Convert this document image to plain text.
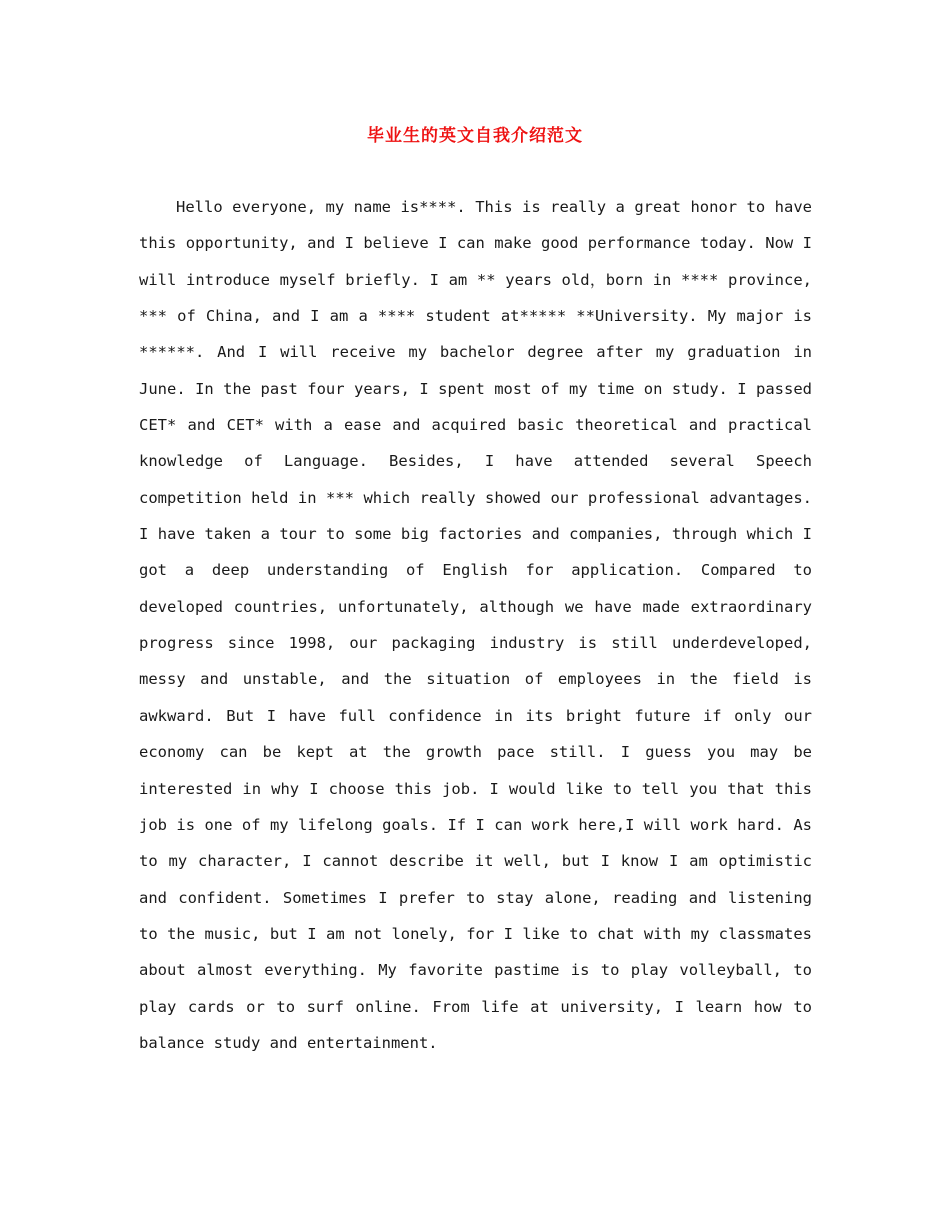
毕业生的英文自我介绍范文
Hello everyone, my name is****. This is really a great honor to have
this opportunity, and I believe I can make good performance today. Now I
will introduce myself briefly. I am ** years old，born in **** province,
*** of China, and I am a **** student at***** **University. My major is
******. And I will receive my bachelor degree after my graduation in
June. In the past four years, I spent most of my time on study. I passed
CET* and CET* with a ease and acquired basic theoretical and practical
knowledge of Language. Besides, I have attended several Speech
competition held in *** which really showed our professional advantages.
I have taken a tour to some big factories and companies, through which I
got a deep understanding of English for application. Compared to
developed countries, unfortunately, although we have made extraordinary
progress since 1998, our packaging industry is still underdeveloped,
messy and unstable, and the situation of employees in the field is
awkward. But I have full confidence in its bright future if only our
economy can be kept at the growth pace still. I guess you may be
interested in why I choose this job. I would like to tell you that this
job is one of my lifelong goals. If I can work here,I will work hard. As
to my character, I cannot describe it well, but I know I am optimistic
and confident. Sometimes I prefer to stay alone, reading and listening
to the music, but I am not lonely, for I like to chat with my classmates
about almost everything. My favorite pastime is to play volleyball, to
play cards or to surf online. From life at university, I learn how to
balance study and entertainment.
